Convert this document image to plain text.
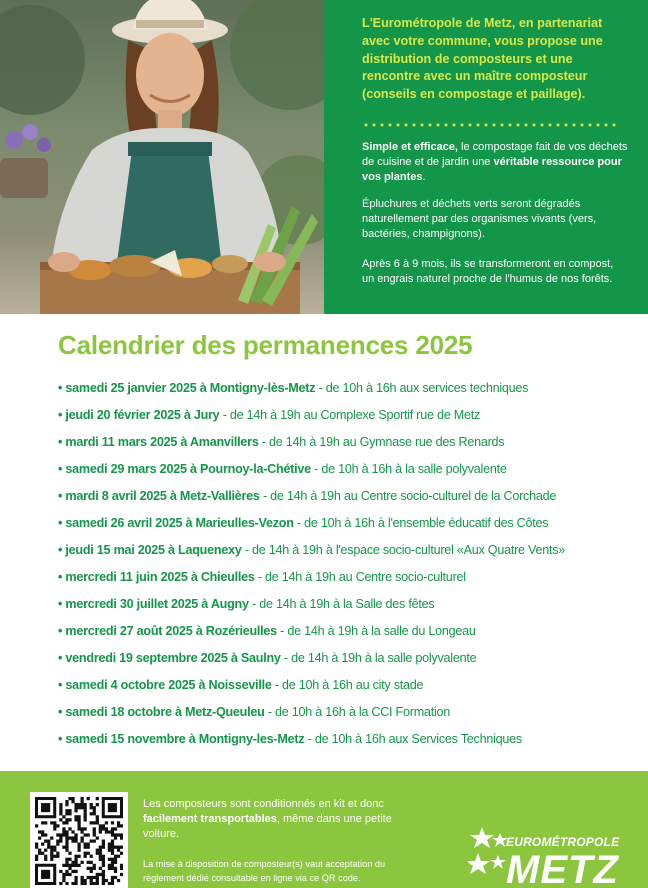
L'Eurométropole de Metz, en partenariat avec votre commune, vous propose une distribution de composteurs et une rencontre avec un maître composteur (conseils en compostage et paillage).
Simple et efficace, le compostage fait de vos déchets de cuisine et de jardin une véritable ressource pour vos plantes.
Épluchures et déchets verts seront dégradés naturellement par des organismes vivants (vers, bactéries, champignons).
Après 6 à 9 mois, ils se transformeront en compost, un engrais naturel proche de l'humus de nos forêts.
Calendrier des permanences 2025
• samedi 25 janvier 2025 à Montigny-lès-Metz - de 10h à 16h aux services techniques
• jeudi 20 février 2025 à Jury - de 14h à 19h au Complexe Sportif rue de Metz
• mardi 11 mars 2025 à Amanvillers - de 14h à 19h au Gymnase rue des Renards
• samedi 29 mars 2025 à Pournoy-la-Chétive - de 10h à 16h à la salle polyvalente
• mardi 8 avril 2025 à Metz-Vallières - de 14h à 19h au Centre socio-culturel de la Corchade
• samedi 26 avril 2025 à Marieulles-Vezon - de 10h à 16h à l'ensemble éducatif des Côtes
• jeudi 15 mai 2025 à Laquenexy - de 14h à 19h à l'espace socio-culturel «Aux Quatre Vents»
• mercredi 11 juin 2025 à Chieulles - de 14h à 19h au Centre socio-culturel
• mercredi 30 juillet 2025 à Augny - de 14h à 19h à la Salle des fêtes
• mercredi 27 août 2025 à Rozérieulles - de 14h à 19h à la salle du Longeau
• vendredi 19 septembre 2025 à Saulny - de 14h à 19h à la salle polyvalente
• samedi 4 octobre 2025 à Noisseville - de 10h à 16h au city stade
• samedi 18 octobre à Metz-Queuleu - de 10h à 16h à la CCI Formation
• samedi 15 novembre à Montigny-les-Metz - de 10h à 16h aux Services Techniques
Les composteurs sont conditionnés en kit et donc facilement transportables, même dans une petite voiture.
La mise à disposition de composteur(s) vaut acceptation du règlement dédié consultable en ligne via ce QR code.
EUROMÉTROPOLE
METZ
